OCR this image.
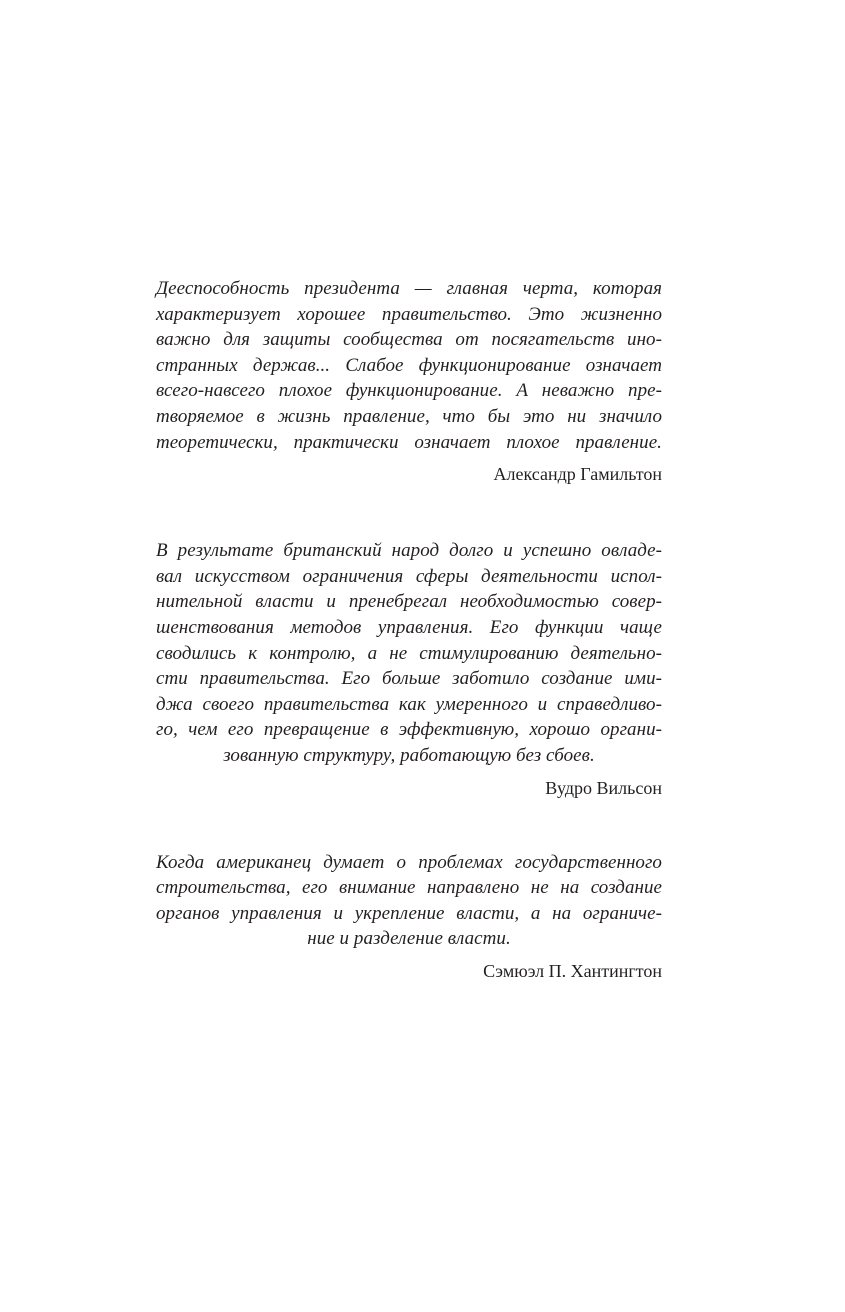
Дееспособность президента — главная черта, которая
характеризует хорошее правительство. Это жизненно
важно для защиты сообщества от посягательств ино-
странных держав... Слабое функционирование означает
всего-навсего плохое функционирование. А неважно пре-
творяемое в жизнь правление, что бы это ни значило
теоретически, практически означает плохое правление.
Александр Гамильтон
В результате британский народ долго и успешно овладе-
вал искусством ограничения сферы деятельности испол-
нительной власти и пренебрегал необходимостью совер-
шенствования методов управления. Его функции чаще
сводились к контролю, а не стимулированию деятельно-
сти правительства. Его больше заботило создание ими-
джа своего правительства как умеренного и справедливо-
го, чем его превращение в эффективную, хорошо органи-
зованную структуру, работающую без сбоев.
Вудро Вильсон
Когда американец думает о проблемах государственного
строительства, его внимание направлено не на создание
органов управления и укрепление власти, а на ограниче-
ние и разделение власти.
Сэмюэл П. Хантингтон
